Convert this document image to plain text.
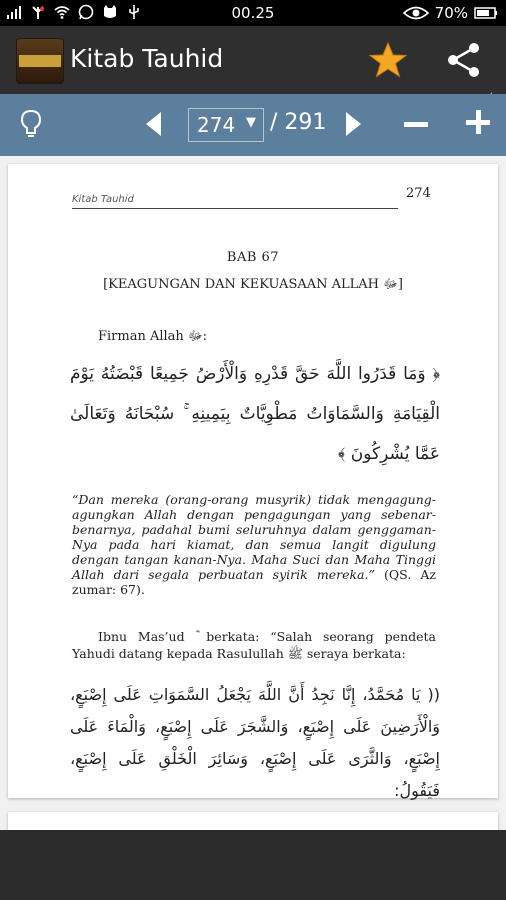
00.25	70%
Kitab Tauhid
274 ▼ / 291
Kitab Tauhid	274
BAB 67
[KEAGUNGAN DAN KEKUASAAN ALLAH ﷻ]
Firman Allah ﷻ:
﴿ وَمَا قَدَرُوا اللَّهَ حَقَّ قَدْرِهِ وَالْأَرْضُ جَمِيعًا قَبْضَتُهُ يَوْمَ الْقِيَامَةِ وَالسَّمَاوَاتُ مَطْوِيَّاتٌ بِيَمِينِهِ ۚ سُبْحَانَهُ وَتَعَالَىٰ عَمَّا يُشْرِكُونَ ﴾
“Dan mereka (orang-orang musyrik) tidak mengagung-agungkan Allah dengan pengagungan yang sebenar-benarnya, padahal bumi seluruhnya dalam genggaman-Nya pada hari kiamat, dan semua langit digulung dengan tangan kanan-Nya. Maha Suci dan Maha Tinggi Allah dari segala perbuatan syirik mereka.” (QS. Az zumar: 67).
Ibnu Mas’ud ؓ berkata: “Salah seorang pendeta Yahudi datang kepada Rasulullah ﷺ seraya berkata:
(( يَا مُحَمَّدُ، إِنَّا نَجِدُ أَنَّ اللَّهَ يَجْعَلُ السَّمَوَاتِ عَلَى إِصْبَعٍ، وَالْأَرَضِينَ عَلَى إِصْبَعٍ، وَالشَّجَرَ عَلَى إِصْبَعٍ، وَالْمَاءَ عَلَى إِصْبَعٍ، وَالثَّرَى عَلَى إِصْبَعٍ، وَسَائِرَ الْخَلْقِ عَلَى إِصْبَعٍ، فَيَقُولُ:
